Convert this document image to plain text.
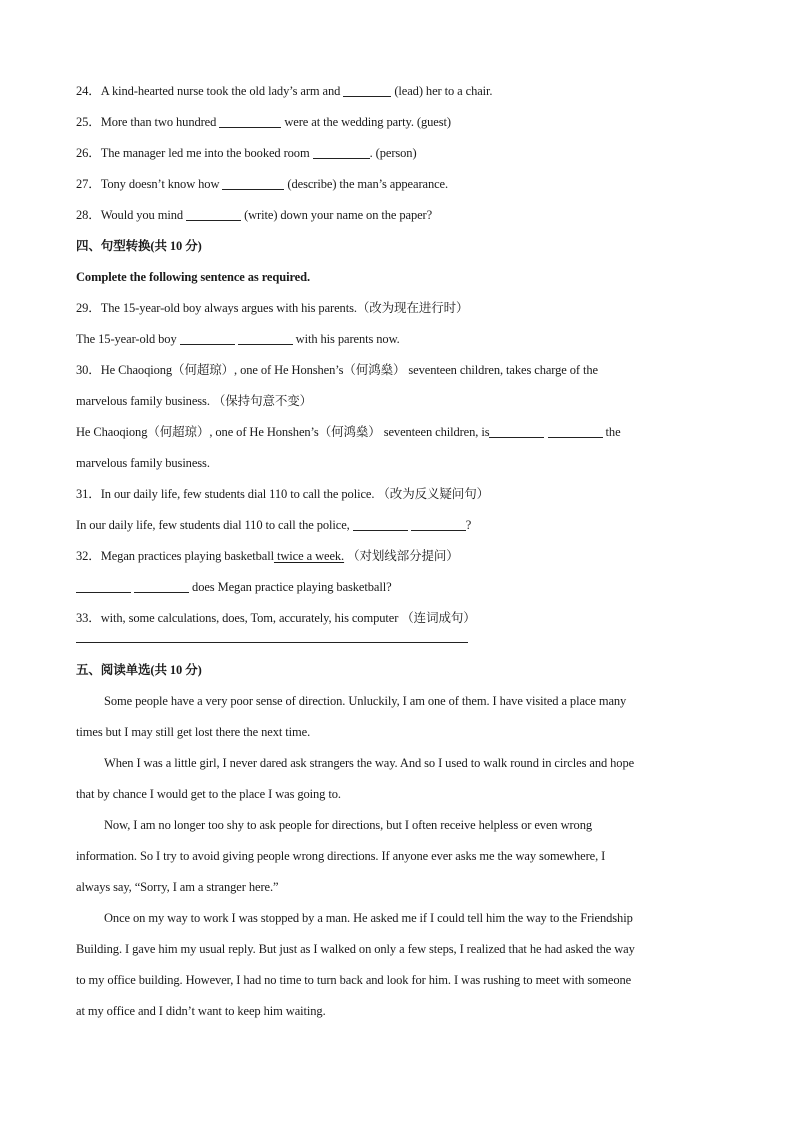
24．A kind-hearted nurse took the old lady’s arm and	(lead) her to a chair.
25．More than two hundred	were at the wedding party. (guest)
26．The manager led me into the booked room	. (person)
27．Tony doesn’t know how	(describe) the man’s appearance.
28．Would you mind	(write) down your name on the paper?
四、句型转换(共 10 分)
Complete the following sentence as required.
29．The 15-year-old boy always argues with his parents.（改为现在进行时）
The 15-year-old boy	with his parents now.
30．He Chaoqiong（何超琼）, one of He Honshen’s（何鸿燊） seventeen children, takes charge of the
marvelous family business. （保持句意不变）
He Chaoqiong（何超琼）, one of He Honshen’s（何鸿燊） seventeen children, is	the
marvelous family business.
31．In our daily life, few students dial 110 to call the police. （改为反义疑问句）
In our daily life, few students dial 110 to call the police,	?
32．Megan practices playing basketball twice a week. （对划线部分提问）
does Megan practice playing basketball?
33．with, some calculations, does, Tom, accurately, his computer （连词成句）
五、阅读单选(共 10 分)
Some people have a very poor sense of direction. Unluckily, I am one of them. I have visited a place many
times but I may still get lost there the next time.
When I was a little girl, I never dared ask strangers the way. And so I used to walk round in circles and hope
that by chance I would get to the place I was going to.
Now, I am no longer too shy to ask people for directions, but I often receive helpless or even wrong
information. So I try to avoid giving people wrong directions. If anyone ever asks me the way somewhere, I
always say, “Sorry, I am a stranger here.”
Once on my way to work I was stopped by a man. He asked me if I could tell him the way to the Friendship
Building. I gave him my usual reply. But just as I walked on only a few steps, I realized that he had asked the way
to my office building. However, I had no time to turn back and look for him. I was rushing to meet with someone
at my office and I didn’t want to keep him waiting.
